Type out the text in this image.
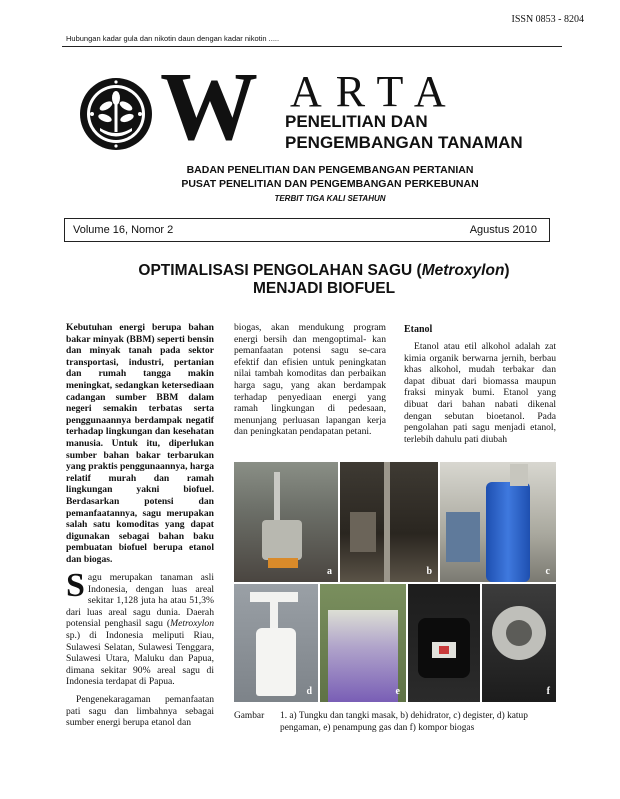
ISSN 0853 - 8204
Hubungan kadar gula dan nikotin daun dengan kadar nikotin .....
W ARTA
PENELITIAN DAN
PENGEMBANGAN TANAMAN
BADAN PENELITIAN DAN PENGEMBANGAN PERTANIAN
PUSAT PENELITIAN DAN PENGEMBANGAN PERKEBUNAN
TERBIT TIGA KALI SETAHUN
Volume 16, Nomor 2	Agustus 2010
OPTIMALISASI PENGOLAHAN SAGU (Metroxylon)
MENJADI BIOFUEL
Kebutuhan energi berupa bahan bakar minyak (BBM) seperti bensin dan minyak tanah pada sektor transportasi, industri, pertanian dan rumah tangga makin meningkat, sedangkan ketersediaan cadangan sumber BBM dalam negeri semakin terbatas serta penggunaannya berdampak negatif terhadap lingkungan dan kesehatan manusia. Untuk itu, diperlukan sumber bahan bakar terbarukan yang praktis penggunaannya, harga relatif murah dan ramah lingkungan yakni biofuel. Berdasarkan potensi dan pemanfaatannya, sagu merupakan salah satu komoditas yang dapat digunakan sebagai bahan baku pembuatan biofuel berupa etanol dan biogas.

Sagu merupakan tanaman asli Indonesia, dengan luas areal sekitar 1,128 juta ha atau 51,3% dari luas areal sagu dunia. Daerah potensial penghasil sagu (Metroxylon sp.) di Indonesia meliputi Riau, Sulawesi Selatan, Sulawesi Tenggara, Sulawesi Utara, Maluku dan Papua, dimana sekitar 90% areal sagu di Indonesia terdapat di Papua.

Pengenekaragaman pemanfaatan pati sagu dan limbahnya sebagai sumber energi berupa etanol dan

biogas, akan mendukung program energi bersih dan mengoptimal- kan pemanfaatan potensi sagu se-cara efektif dan efisien untuk peningkatan nilai tambah komoditas dan perbaikan harga sagu, yang akan berdampak terhadap penyediaan energi yang ramah lingkungan di pedesaan, menunjang perluasan lapangan kerja dan peningkatan pendapatan petani.
Etanol

Etanol atau etil alkohol adalah zat kimia organik berwarna jernih, berbau khas alkohol, mudah terbakar dan dapat dibuat dari biomassa maupun fraksi minyak bumi. Etanol yang dibuat dari bahan nabati dikenal dengan sebutan bioetanol. Pada pengolahan pati sagu menjadi etanol, terlebih dahulu pati diubah

a	b	c
d	e	f
Gambar 1. a) Tungku dan tangki masak, b) dehidrator, c) degister, d) katup pengaman, e) penampung gas dan f) kompor biogas
